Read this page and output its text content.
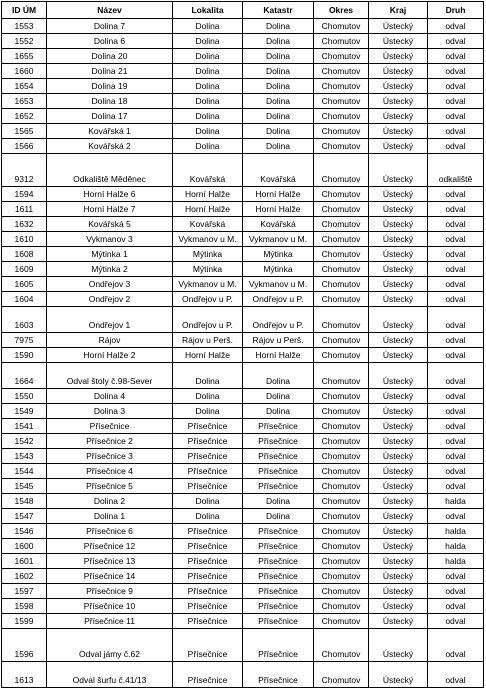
ID ÚM	Název	Lokalita	Katastr	Okres	Kraj	Druh
1553	Dolina 7	Dolina	Dolina	Chomutov	Ústecký	odval
1552	Dolina 6	Dolina	Dolina	Chomutov	Ústecký	odval
1655	Dolina 20	Dolina	Dolina	Chomutov	Ústecký	odval
1660	Dolina 21	Dolina	Dolina	Chomutov	Ústecký	odval
1654	Dolina 19	Dolina	Dolina	Chomutov	Ústecký	odval
1653	Dolina 18	Dolina	Dolina	Chomutov	Ústecký	odval
1652	Dolina 17	Dolina	Dolina	Chomutov	Ústecký	odval
1565	Kovářská 1	Dolina	Dolina	Chomutov	Ústecký	odval
1566	Kovářská 2	Dolina	Dolina	Chomutov	Ústecký	odval
9312	Odkaliště Měděnec	Kovářská	Kovářská	Chomutov	Ústecký	odkaliště
1594	Horní Halže 6	Horní Halže	Horní Halže	Chomutov	Ústecký	odval
1611	Horní Halže 7	Horní Halže	Horní Halže	Chomutov	Ústecký	odval
1632	Kovářská 5	Kovářská	Kovářská	Chomutov	Ústecký	odval
1610	Vykmanov 3	Vykmanov u M.	Vykmanov u M.	Chomutov	Ústecký	odval
1608	Mýtinka 1	Mýtinka	Mýtinka	Chomutov	Ústecký	odval
1609	Mýtinka 2	Mýtinka	Mýtinka	Chomutov	Ústecký	odval
1605	Ondřejov 3	Vykmanov u M.	Vykmanov u M.	Chomutov	Ústecký	odval
1604	Ondřejov 2	Ondřejov u P.	Ondřejov u P.	Chomutov	Ústecký	odval
1603	Ondřejov 1	Ondřejov u P.	Ondřejov u P.	Chomutov	Ústecký	odval
7975	Rájov	Rájov u Perš.	Rájov u Perš.	Chomutov	Ústecký	odval
1590	Horní Halže 2	Horní Halže	Horní Halže	Chomutov	Ústecký	odval
1664	Odval štoly č.98-Sever	Dolina	Dolina	Chomutov	Ústecký	odval
1550	Dolina 4	Dolina	Dolina	Chomutov	Ústecký	odval
1549	Dolina 3	Dolina	Dolina	Chomutov	Ústecký	odval
1541	Přísečnice	Přísečnice	Přísečnice	Chomutov	Ústecký	odval
1542	Přísečnice 2	Přísečnice	Přísečnice	Chomutov	Ústecký	odval
1543	Přísečnice 3	Přísečnice	Přísečnice	Chomutov	Ústecký	odval
1544	Přísečnice 4	Přísečnice	Přísečnice	Chomutov	Ústecký	odval
1545	Přísečnice 5	Přísečnice	Přísečnice	Chomutov	Ústecký	odval
1548	Dolina 2	Dolina	Dolina	Chomutov	Ústecký	halda
1547	Dolina 1	Dolina	Dolina	Chomutov	Ústecký	odval
1546	Přísečnice 6	Přísečnice	Přísečnice	Chomutov	Ústecký	halda
1600	Přísečnice 12	Přísečnice	Přísečnice	Chomutov	Ústecký	halda
1601	Přísečnice 13	Přísečnice	Přísečnice	Chomutov	Ústecký	halda
1602	Přísečnice 14	Přísečnice	Přísečnice	Chomutov	Ústecký	odval
1597	Přísečnice 9	Přísečnice	Přísečnice	Chomutov	Ústecký	odval
1598	Přísečnice 10	Přísečnice	Přísečnice	Chomutov	Ústecký	odval
1599	Přísečnice 11	Přísečnice	Přísečnice	Chomutov	Ústecký	odval
1596	Odval jámy č.62	Přísečnice	Přísečnice	Chomutov	Ústecký	odval
1613	Odval šurfu č.41/13	Přísečnice	Přísečnice	Chomutov	Ústecký	odval
